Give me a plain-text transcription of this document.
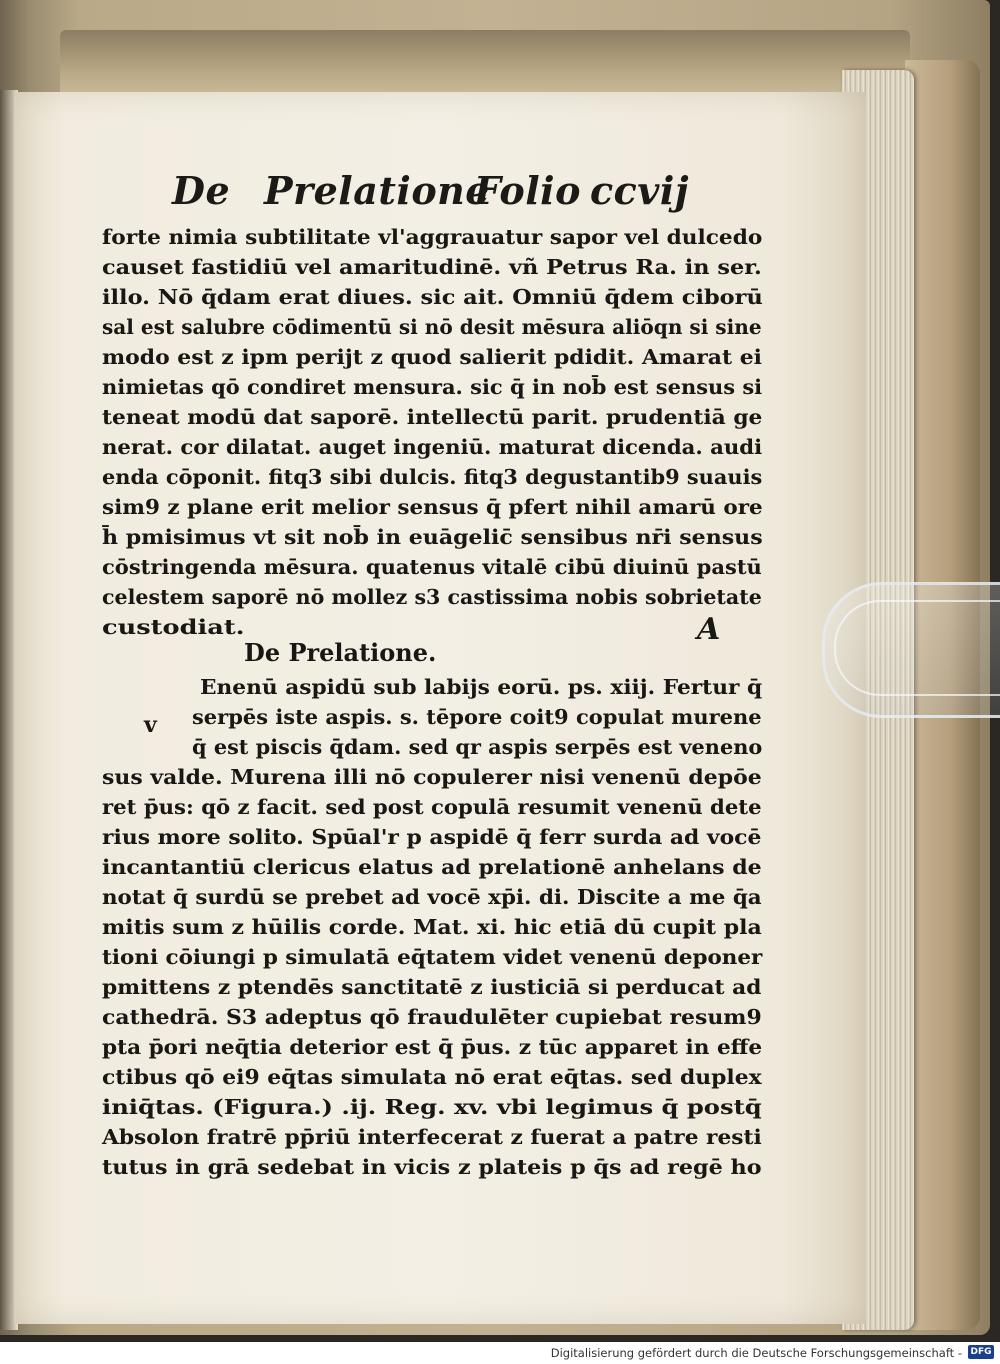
De Prelatione
Folio ccvij
forte nimia subtilitate vl'aggrauatur sapor vel dulcedo
causet fastidiū vel amaritudinē. vñ Petrus Ra. in ser.
illo. Nō q̄dam erat diues. sic ait. Omniū q̄dem ciborū
sal est salubre cōdimentū si nō desit mēsura aliōqn si sine
modo est z ipm perijt z quod salierit pdidit. Amarat ei
nimietas qō condiret mensura. sic q̄ in nob̄ est sensus si
teneat modū dat saporē. intellectū parit. prudentiā ge
nerat. cor dilatat. auget ingeniū. maturat dicenda. audi
enda cōponit. fitq3 sibi dulcis. fitq3 degustantib9 suauis
sim9 z plane erit melior sensus q̄ pfert nihil amarū ore
h̄ pmisimus vt sit nob̄ in euāgelic̄ sensibus nr̄i sensus
cōstringenda mēsura. quatenus vitalē cibū diuinū pastū
celestem saporē nō mollez s3 castissima nobis sobrietate
custodiat.	A
De Prelatione.
v
Enenū aspidū sub labijs eorū. ps. xiij. Fertur q̄
serpēs iste aspis. s. tēpore coit9 copulat murene
q̄ est piscis q̄dam. sed qr aspis serpēs est veneno
sus valde. Murena illi nō copulerer nisi venenū depōe
ret p̄us: qō z facit. sed post copulā resumit venenū dete
rius more solito. Spūal'r p aspidē q̄ ferr surda ad vocē
incantantiū clericus elatus ad prelationē anhelans de
notat q̄ surdū se prebet ad vocē xp̄i. di. Discite a me q̄a
mitis sum z hūilis corde. Mat. xi. hic etiā dū cupit pla
tioni cōiungi p simulatā eq̄tatem videt venenū deponer
pmittens z ptendēs sanctitatē z iusticiā si perducat ad
cathedrā. S3 adeptus qō fraudulēter cupiebat resum9
pta p̄ori neq̄tia deterior est q̄̄ p̄us. z tūc apparet in effe
ctibus qō ei9 eq̄tas simulata nō erat eq̄tas. sed duplex
iniq̄tas. (Figura.) .ij. Reg. xv. vbi legimus q̄ postq̄
Absolon fratrē pp̄riū interfecerat z fuerat a patre resti
tutus in grā sedebat in vicis z plateis p q̄s ad regē ho
Digitalisierung gefördert durch die Deutsche Forschungsgemeinschaft - DFG
